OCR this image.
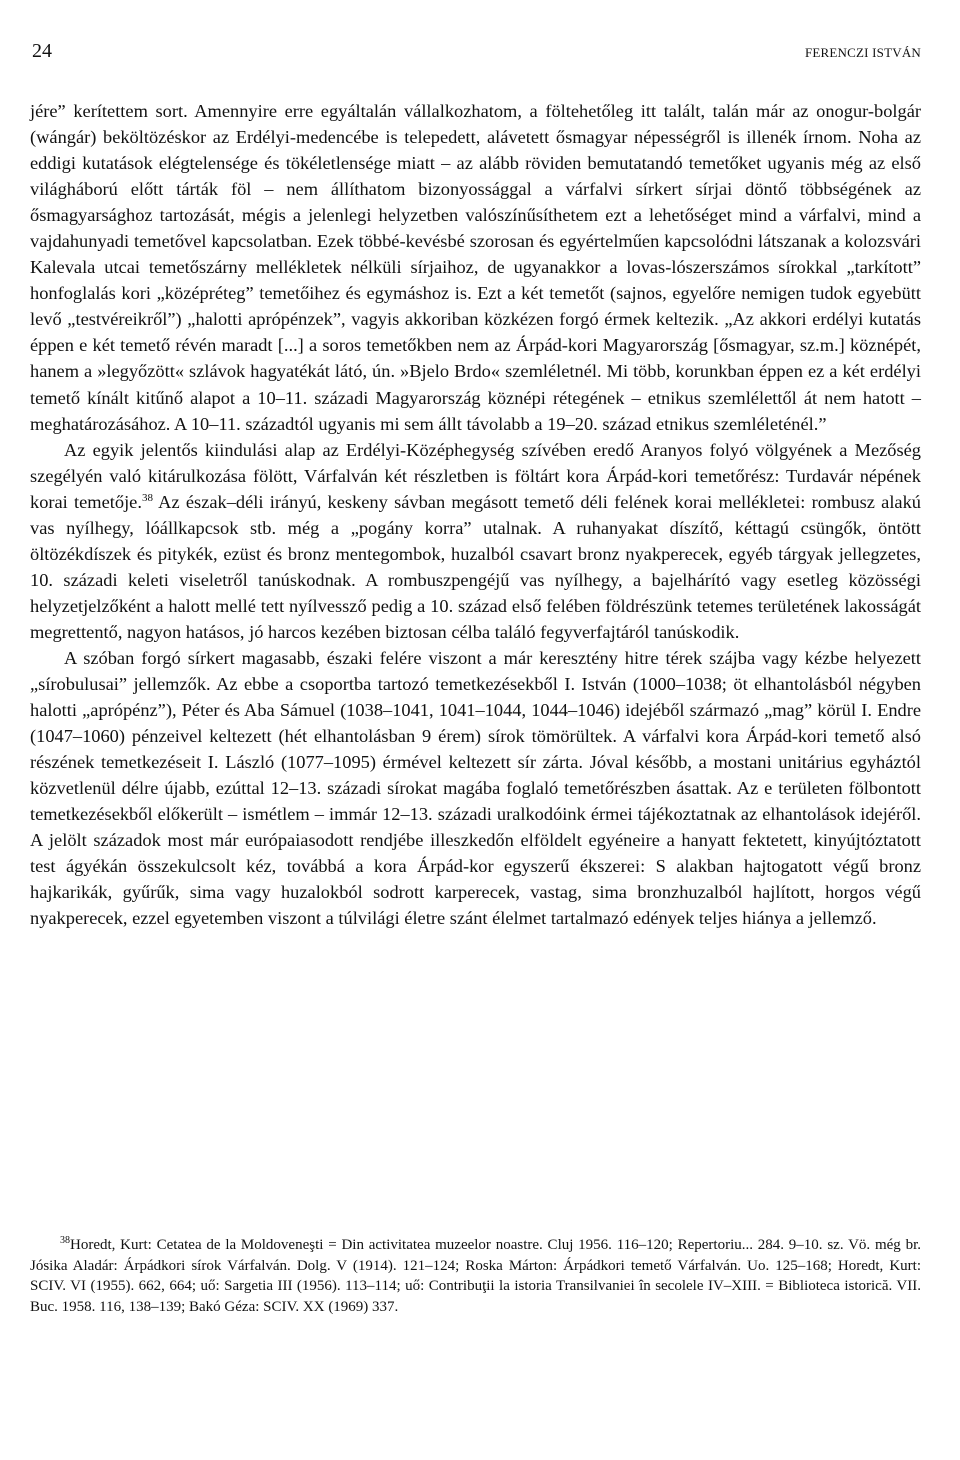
24	FERENCZI ISTVÁN

jére” kerítettem sort. Amennyire erre egyáltalán vállalkozhatom, a föltehetőleg itt talált, talán már az onogur-bolgár (wángár) beköltözéskor az Erdélyi-medencébe is telepedett, alávetett ősmagyar népességről is illenék írnom. Noha az eddigi kutatások elégtelensége és tökéletlensége miatt – az alább röviden bemutatandó temetőket ugyanis még az első világháború előtt tárták föl – nem állíthatom bizonyossággal a várfalvi sírkert sírjai döntő többségének az ősmagyarsághoz tartozását, mégis a jelenlegi helyzetben valószínűsíthetem ezt a lehetőséget mind a várfalvi, mind a vajdahunyadi temetővel kapcsolatban. Ezek többé-kevésbé szorosan és egyértelműen kapcsolódni látszanak a kolozsvári Kalevala utcai temetőszárny mellékletek nélküli sírjaihoz, de ugyanakkor a lovas-lószerszámos sírokkal „tarkított” honfoglalás kori „középréteg” temetőihez és egymáshoz is. Ezt a két temetőt (sajnos, egyelőre nemigen tudok egyebütt levő „testvéreikről”) „halotti aprópénzek”, vagyis akkoriban közkézen forgó érmek keltezik. „Az akkori erdélyi kutatás éppen e két temető révén maradt [...] a soros temetőkben nem az Árpád-kori Magyarország [ősmagyar, sz.m.] köznépét, hanem a »legyőzött« szlávok hagyatékát látó, ún. »Bjelo Brdo« szemléletnél. Mi több, korunkban éppen ez a két erdélyi temető kínált kitűnő alapot a 10–11. századi Magyarország köznépi rétegének – etnikus szemlélettől át nem hatott – meghatározásához. A 10–11. századtól ugyanis mi sem állt távolabb a 19–20. század etnikus szemléleténél.”

Az egyik jelentős kiindulási alap az Erdélyi-Középhegység szívében eredő Aranyos folyó völgyének a Mezőség szegélyén való kitárulkozása fölött, Várfalván két részletben is föltárt kora Árpád-kori temetőrész: Turdavár népének korai temetője.$^{38}$ Az észak–déli irányú, keskeny sávban megásott temető déli felének korai mellékletei: rombusz alakú vas nyílhegy, lóállkapcsok stb. még a „pogány korra” utalnak. A ruhanyakat díszítő, kéttagú csüngők, öntött öltözékdíszek és pitykék, ezüst és bronz mentegombok, huzalból csavart bronz nyakperecek, egyéb tárgyak jellegzetes, 10. századi keleti viseletről tanúskodnak. A rombuszpengéjű vas nyílhegy, a bajelhárító vagy esetleg közösségi helyzetjelzőként a halott mellé tett nyílvessző pedig a 10. század első felében földrészünk tetemes területének lakosságát megrettentő, nagyon hatásos, jó harcos kezében biztosan célba találó fegyverfajtáról tanúskodik.

A szóban forgó sírkert magasabb, északi felére viszont a már keresztény hitre térek szájba vagy kézbe helyezett „sírobulusai” jellemzők. Az ebbe a csoportba tartozó temetkezésekből I. István (1000–1038; öt elhantolásból négyben halotti „aprópénz”), Péter és Aba Sámuel (1038–1041, 1041–1044, 1044–1046) idejéből származó „mag” körül I. Endre (1047–1060) pénzeivel keltezett (hét elhantolásban 9 érem) sírok tömörültek. A várfalvi kora Árpád-kori temető alsó részének temetkezéseit I. László (1077–1095) érmével keltezett sír zárta. Jóval később, a mostani unitárius egyháztól közvetlenül délre újabb, ezúttal 12–13. századi sírokat magába foglaló temetőrészben ásattak. Az e területen fölbontott temetkezésekből előkerült – ismétlem – immár 12–13. századi uralkodóink érmei tájékoztatnak az elhantolások idejéről. A jelölt századok most már európaiasodott rendjébe illeszkedőn elföldelt egyéneire a hanyatt fektetett, kinyújtóztatott test ágyékán összekulcsolt kéz, továbbá a kora Árpád-kor egyszerű ékszerei: S alakban hajtogatott végű bronz hajkarikák, gyűrűk, sima vagy huzalokból sodrott karperecek, vastag, sima bronzhuzalból hajlított, horgos végű nyakperecek, ezzel egyetemben viszont a túlvilági életre szánt élelmet tartalmazó edények teljes hiánya a jellemző.

$^{38}$Horedt, Kurt: Cetatea de la Moldoveneşti = Din activitatea muzeelor noastre. Cluj 1956. 116–120; Repertoriu... 284. 9–10. sz. Vö. még br. Jósika Aladár: Árpádkori sírok Várfalván. Dolg. V (1914). 121–124; Roska Márton: Árpádkori temető Várfalván. Uo. 125–168; Horedt, Kurt: SCIV. VI (1955). 662, 664; uő: Sargetia III (1956). 113–114; uő: Contribuţii la istoria Transilvaniei în secolele IV–XIII. = Biblioteca istorică. VII. Buc. 1958. 116, 138–139; Bakó Géza: SCIV. XX (1969) 337.
